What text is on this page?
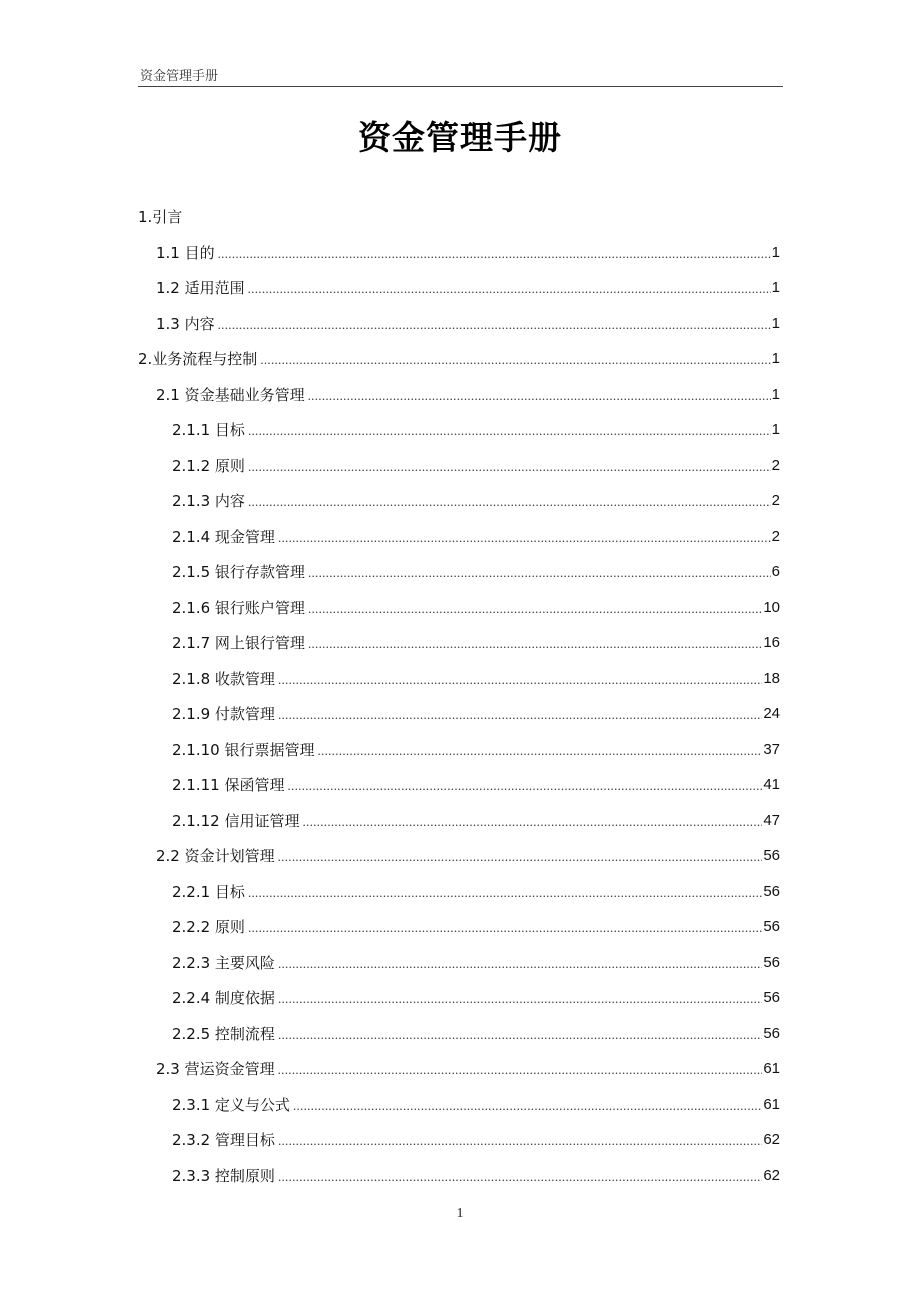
资金管理手册
资金管理手册
1.引言
1.1 目的 .....	1
1.2 适用范围 .....	1
1.3 内容 .....	1
2.业务流程与控制 .....	1
2.1 资金基础业务管理 .....	1
2.1.1 目标 .....	1
2.1.2 原则 .....	2
2.1.3 内容 .....	2
2.1.4 现金管理 .....	2
2.1.5 银行存款管理 .....	6
2.1.6 银行账户管理 .....	10
2.1.7 网上银行管理 .....	16
2.1.8 收款管理 .....	18
2.1.9 付款管理 .....	24
2.1.10 银行票据管理 .....	37
2.1.11 保函管理 .....	41
2.1.12 信用证管理 .....	47
2.2 资金计划管理 .....	56
2.2.1 目标 .....	56
2.2.2 原则 .....	56
2.2.3 主要风险 .....	56
2.2.4 制度依据 .....	56
2.2.5 控制流程 .....	56
2.3 营运资金管理 .....	61
2.3.1 定义与公式 .....	61
2.3.2 管理目标 .....	62
2.3.3 控制原则 .....	62
1
